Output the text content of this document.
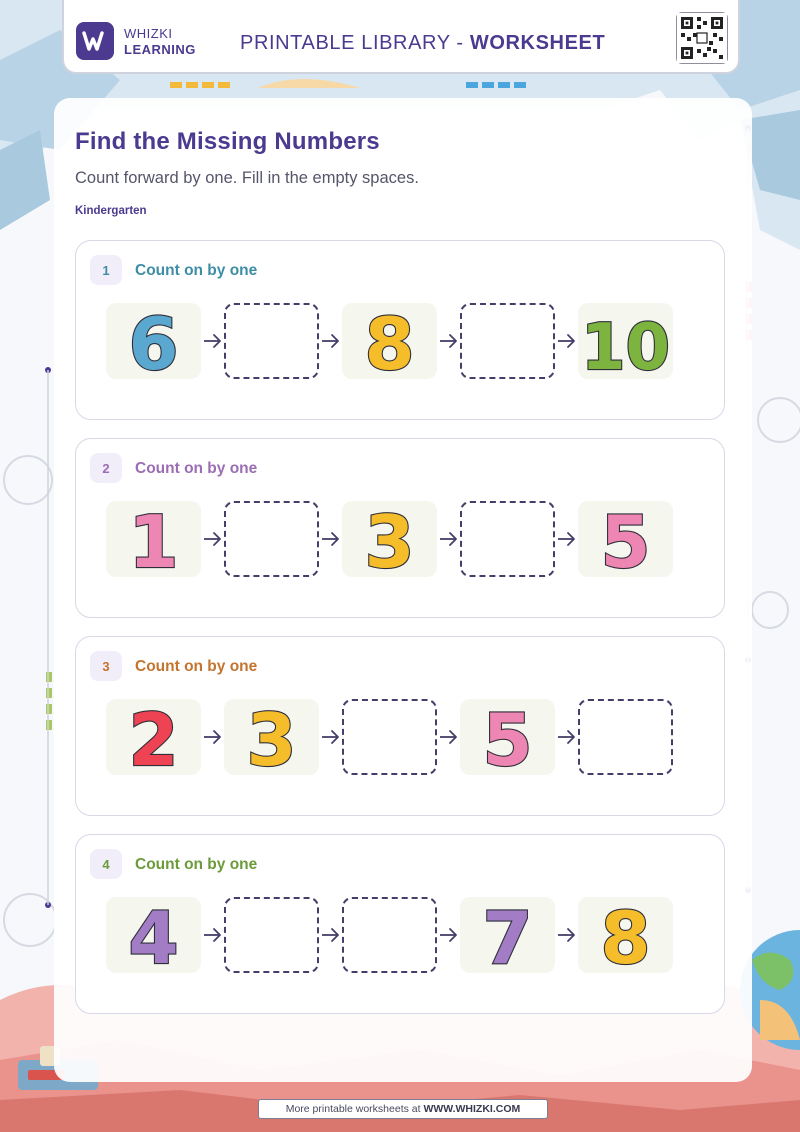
WHIZKI
LEARNING PRINTABLE LIBRARY - WORKSHEET
Find the Missing Numbers
Count forward by one. Fill in the empty spaces.
Kindergarten
1	Count on by one
6	8	10
2	Count on by one
1	3	5
3	Count on by one
2 3	5
4	Count on by one
4	7 8
More printable worksheets at WWW.WHIZKI.COM
